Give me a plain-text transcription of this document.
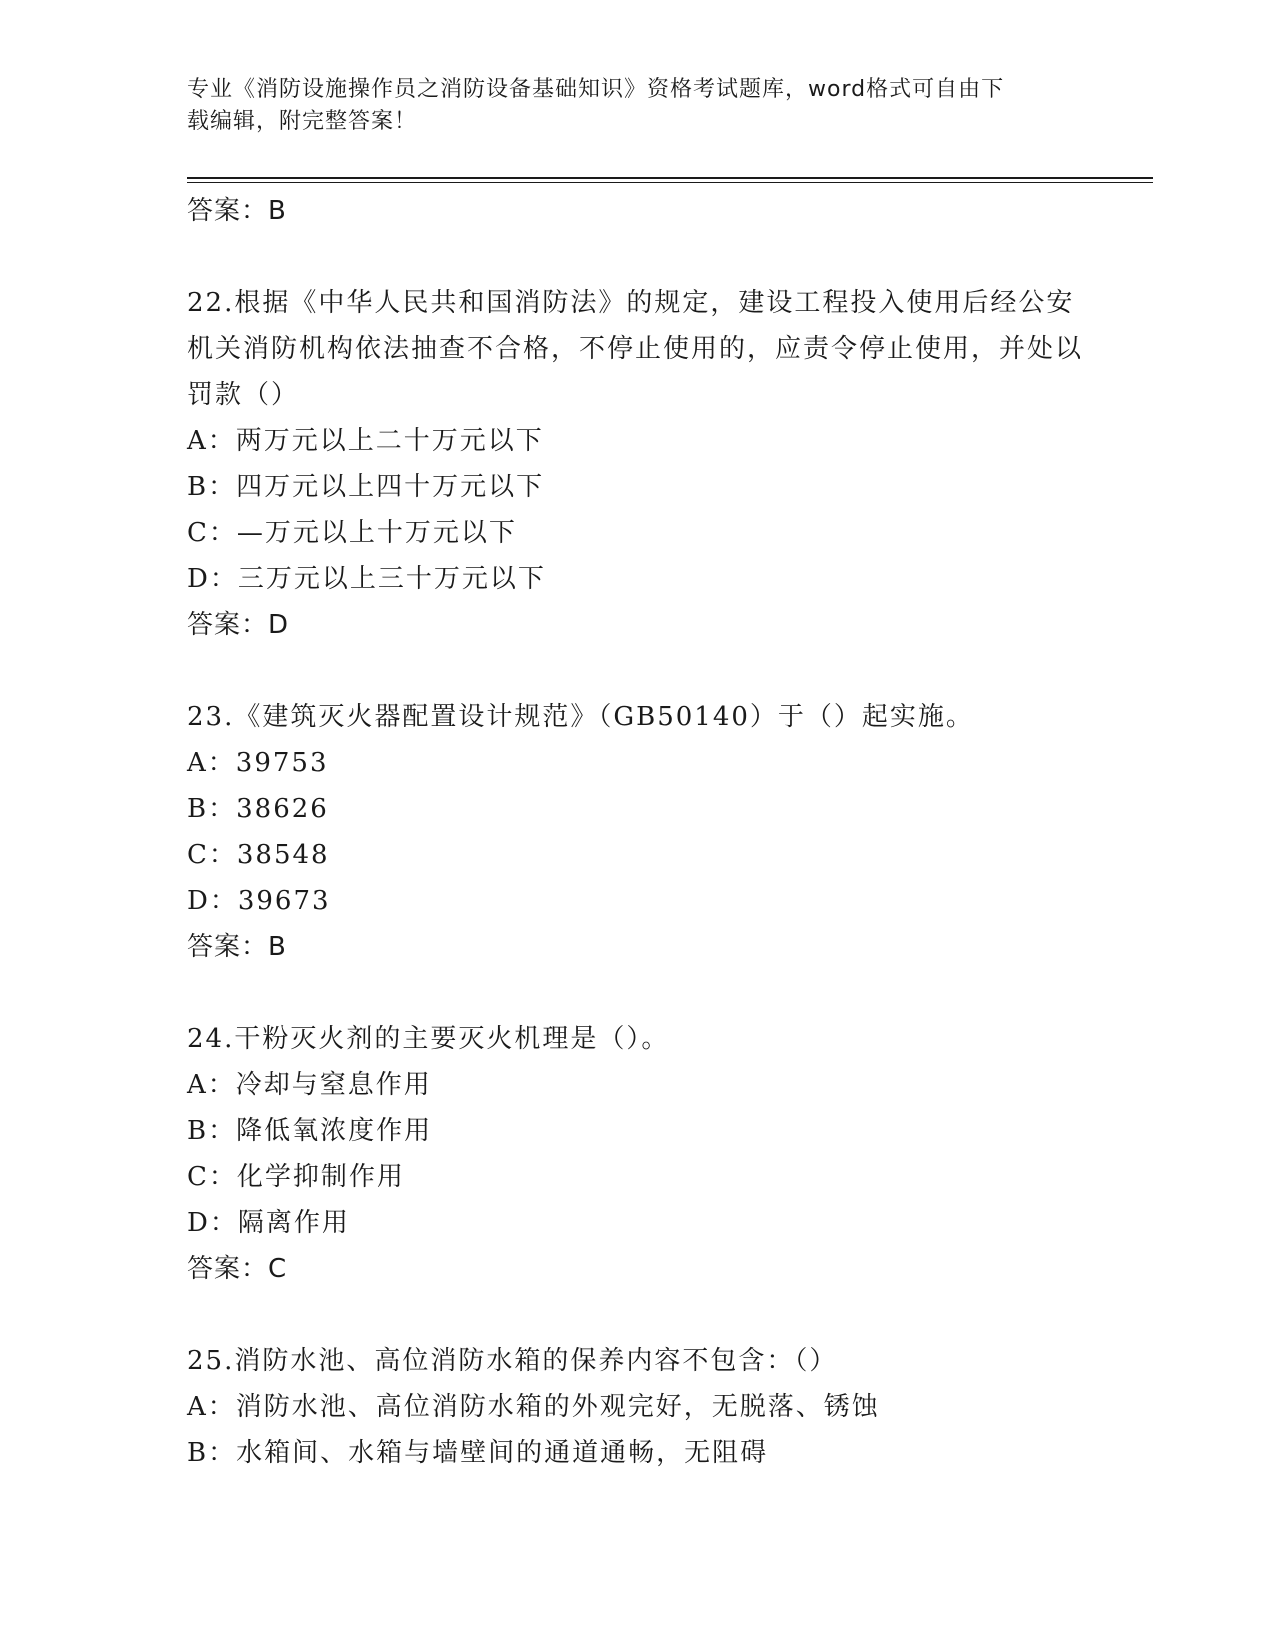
专业《消防设施操作员之消防设备基础知识》资格考试题库，word格式可自由下
载编辑，附完整答案！
答案：B
22.根据《中华人民共和国消防法》的规定，建设工程投入使用后经公安机关消防机构依法抽查不合格，不停止使用的，应责令停止使用，并处以罚款（）
A：两万元以上二十万元以下
B：四万元以上四十万元以下
C：—万元以上十万元以下
D：三万元以上三十万元以下
答案：D
23.《建筑灭火器配置设计规范》（GB50140）于（）起实施。
A：39753
B：38626
C：38548
D：39673
答案：B
24.干粉灭火剂的主要灭火机理是（）。
A：冷却与窒息作用
B：降低氧浓度作用
C：化学抑制作用
D：隔离作用
答案：C
25.消防水池、高位消防水箱的保养内容不包含：（）
A：消防水池、高位消防水箱的外观完好，无脱落、锈蚀
B：水箱间、水箱与墙壁间的通道通畅，无阻碍
